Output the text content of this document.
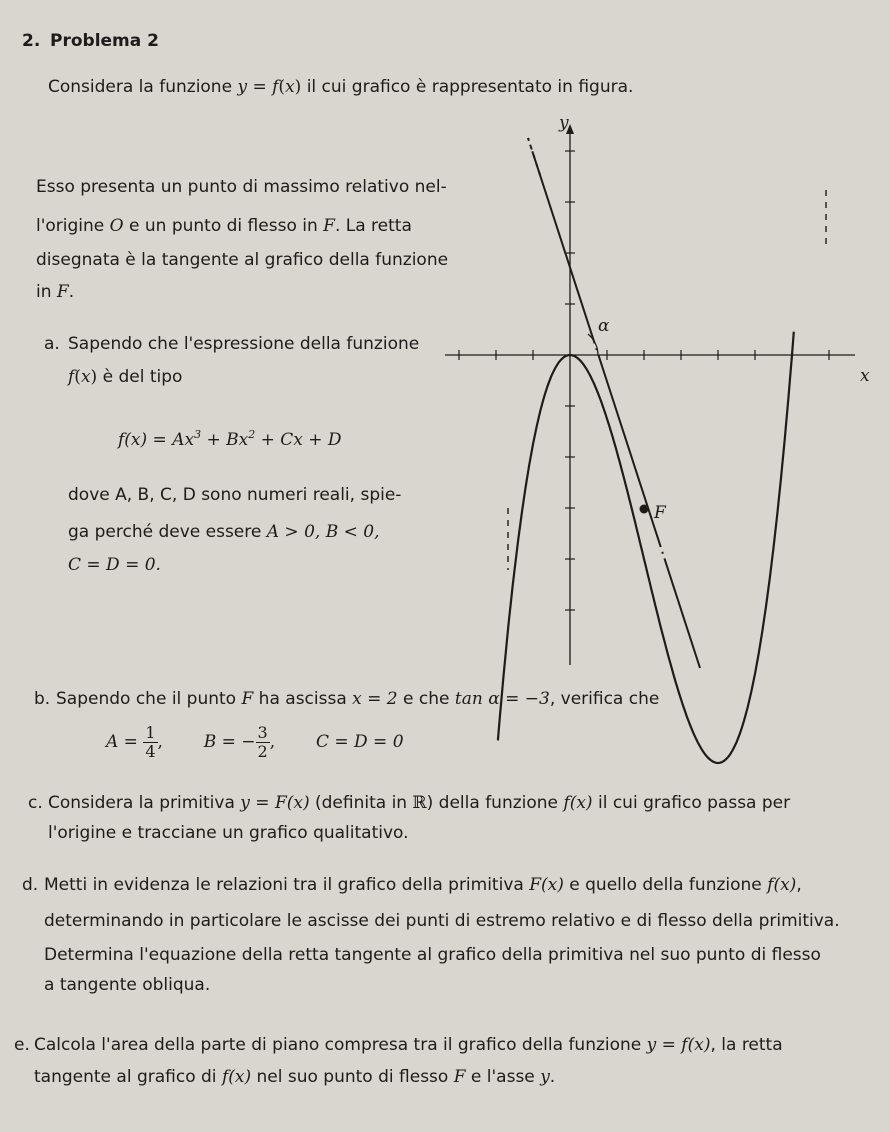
2. Problema 2
Considera la funzione y = f(x) il cui grafico è rappresentato in figura.
Esso presenta un punto di massimo relativo nel-
l'origine O e un punto di flesso in F. La retta
disegnata è la tangente al grafico della funzione
in F.
a. Sapendo che l'espressione della funzione
f(x) è del tipo
$f(x) = Ax^3 + Bx^2 + Cx + D$
dove A, B, C, D sono numeri reali, spie-
ga perché deve essere A > 0, B < 0,
C = D = 0.
b. Sapendo che il punto F ha ascissa x = 2 e che tan α = −3, verifica che
$A = \frac{1}{4}$ , B = − $\frac{3}{2}$ , C = D = 0
c. Considera la primitiva y = F(x) (definita in ℝ) della funzione f(x) il cui grafico passa per
l'origine e tracciane un grafico qualitativo.
d. Metti in evidenza le relazioni tra il grafico della primitiva F(x) e quello della funzione f(x),
determinando in particolare le ascisse dei punti di estremo relativo e di flesso della primitiva.
Determina l'equazione della retta tangente al grafico della primitiva nel suo punto di flesso
a tangente obliqua.
e. Calcola l'area della parte di piano compresa tra il grafico della funzione y = f(x), la retta
tangente al grafico di f(x) nel suo punto di flesso F e l'asse y.
y
x
α
F
